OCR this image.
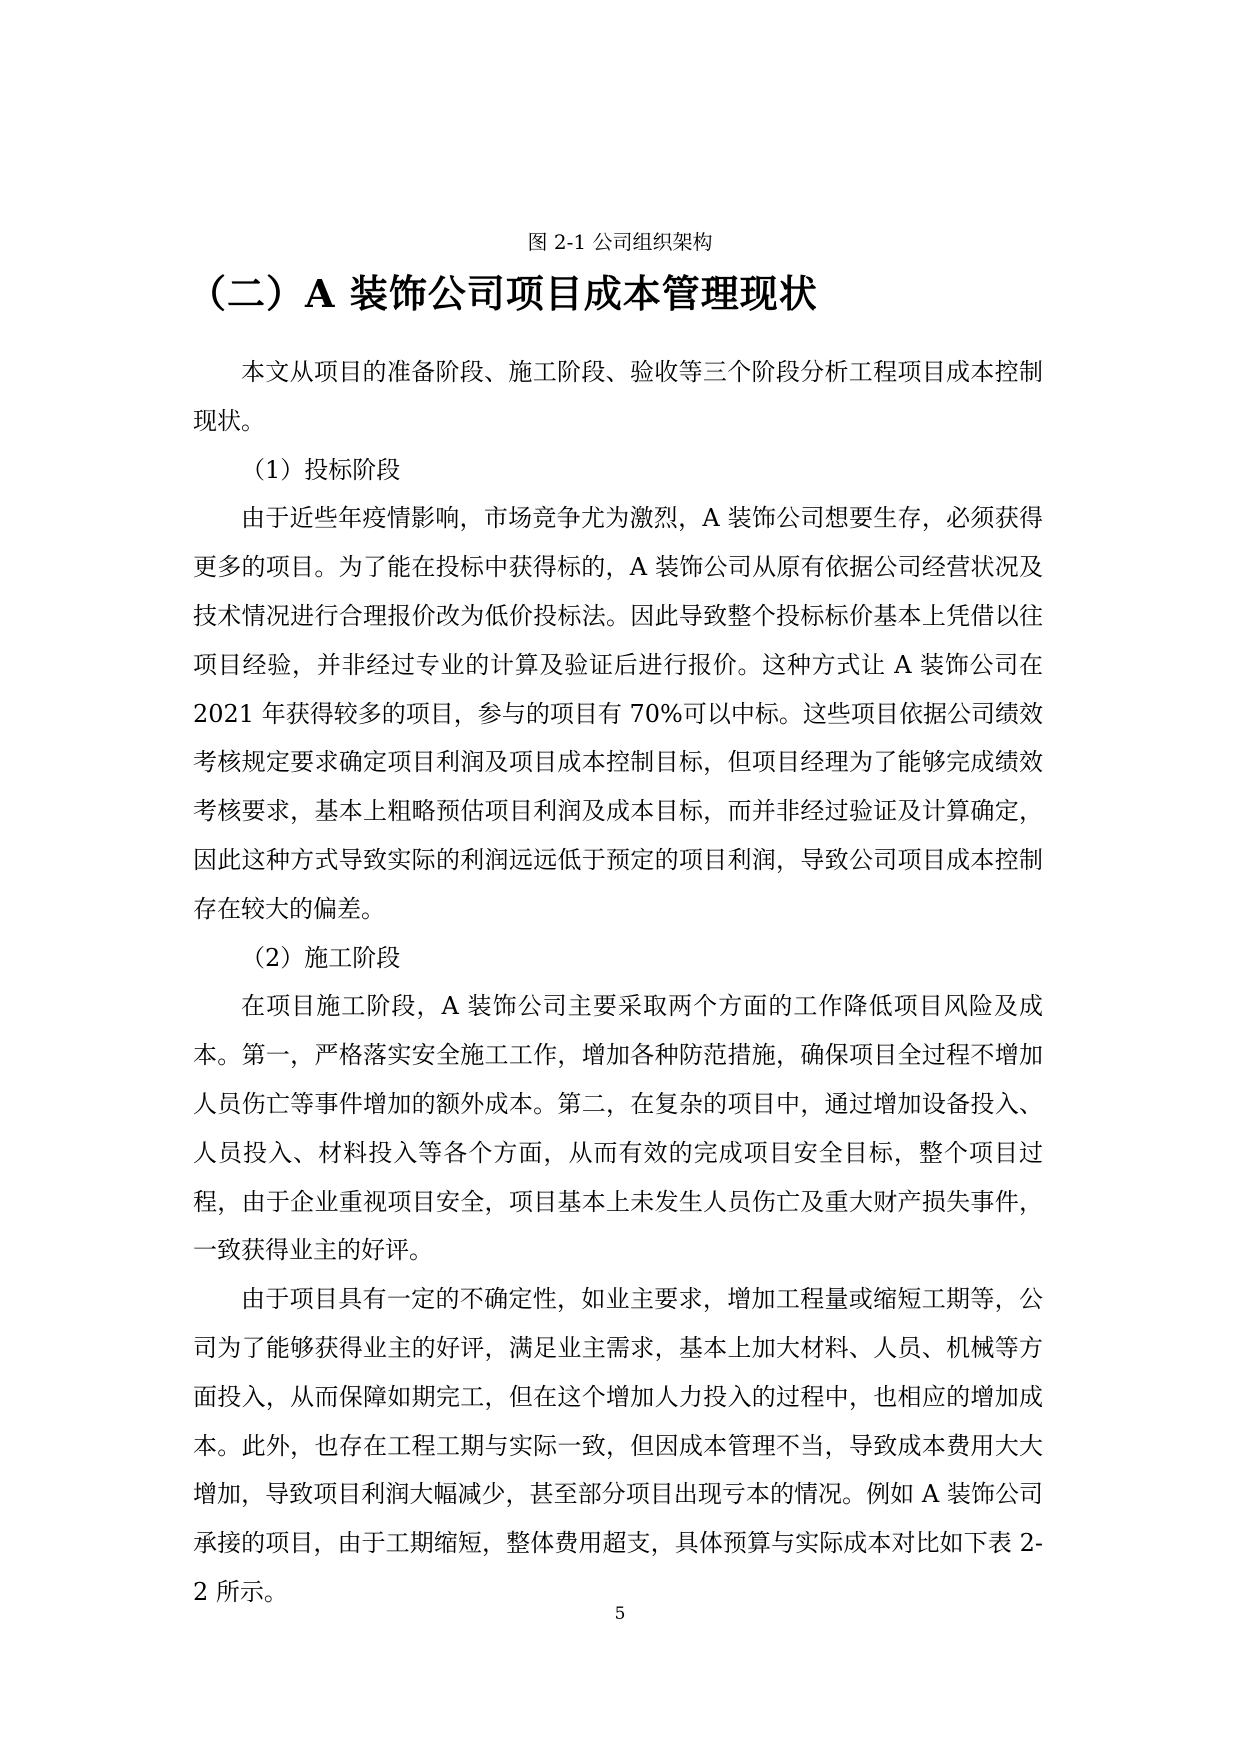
图 2-1 公司组织架构
（二）A 装饰公司项目成本管理现状

本文从项目的准备阶段、施工阶段、验收等三个阶段分析工程项目成本控制现状。

（1）投标阶段

由于近些年疫情影响，市场竞争尤为激烈，A 装饰公司想要生存，必须获得更多的项目。为了能在投标中获得标的，A 装饰公司从原有依据公司经营状况及技术情况进行合理报价改为低价投标法。因此导致整个投标标价基本上凭借以往项目经验，并非经过专业的计算及验证后进行报价。这种方式让 A 装饰公司在 2021 年获得较多的项目，参与的项目有 70%可以中标。这些项目依据公司绩效考核规定要求确定项目利润及项目成本控制目标，但项目经理为了能够完成绩效考核要求，基本上粗略预估项目利润及成本目标，而并非经过验证及计算确定，因此这种方式导致实际的利润远远低于预定的项目利润，导致公司项目成本控制存在较大的偏差。

（2）施工阶段

在项目施工阶段，A 装饰公司主要采取两个方面的工作降低项目风险及成本。第一，严格落实安全施工工作，增加各种防范措施，确保项目全过程不增加人员伤亡等事件增加的额外成本。第二，在复杂的项目中，通过增加设备投入、人员投入、材料投入等各个方面，从而有效的完成项目安全目标，整个项目过程，由于企业重视项目安全，项目基本上未发生人员伤亡及重大财产损失事件，一致获得业主的好评。

由于项目具有一定的不确定性，如业主要求，增加工程量或缩短工期等，公司为了能够获得业主的好评，满足业主需求，基本上加大材料、人员、机械等方面投入，从而保障如期完工，但在这个增加人力投入的过程中，也相应的增加成本。此外，也存在工程工期与实际一致，但因成本管理不当，导致成本费用大大增加，导致项目利润大幅减少，甚至部分项目出现亏本的情况。例如 A 装饰公司承接的项目，由于工期缩短，整体费用超支，具体预算与实际成本对比如下表 2-2 所示。

5
